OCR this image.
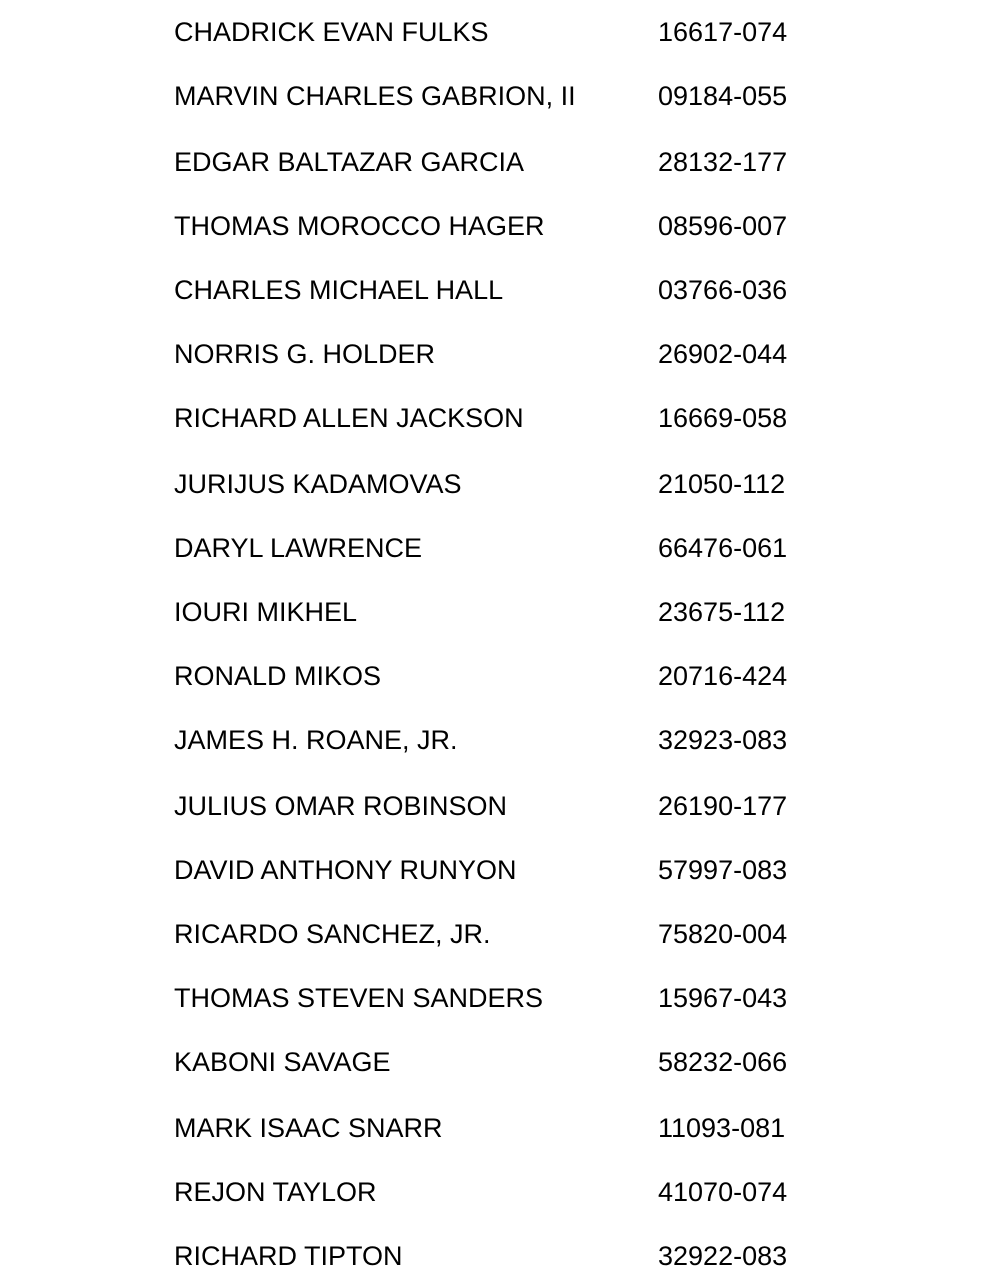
CHADRICK EVAN FULKS	16617-074
MARVIN CHARLES GABRION, II	09184-055
EDGAR BALTAZAR GARCIA	28132-177
THOMAS MOROCCO HAGER	08596-007
CHARLES MICHAEL HALL	03766-036
NORRIS G. HOLDER	26902-044
RICHARD ALLEN JACKSON	16669-058
JURIJUS KADAMOVAS	21050-112
DARYL LAWRENCE	66476-061
IOURI MIKHEL	23675-112
RONALD MIKOS	20716-424
JAMES H. ROANE, JR.	32923-083
JULIUS OMAR ROBINSON	26190-177
DAVID ANTHONY RUNYON	57997-083
RICARDO SANCHEZ, JR.	75820-004
THOMAS STEVEN SANDERS	15967-043
KABONI SAVAGE	58232-066
MARK ISAAC SNARR	11093-081
REJON TAYLOR	41070-074
RICHARD TIPTON	32922-083
